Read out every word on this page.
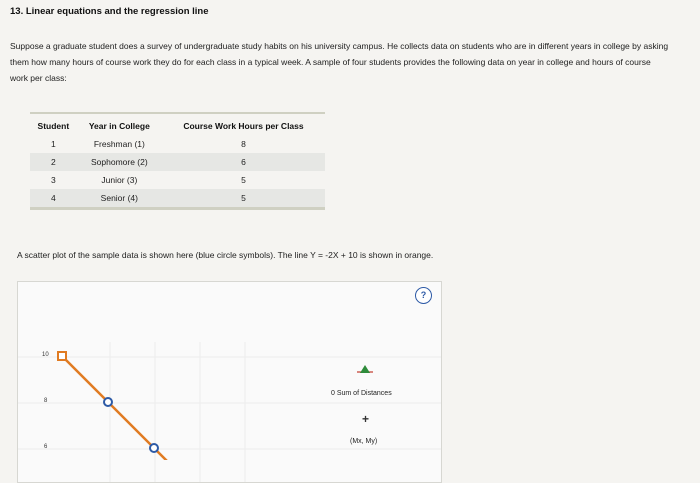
13. Linear equations and the regression line
Suppose a graduate student does a survey of undergraduate study habits on his university campus. He collects data on students who are in different years in college by asking them how many hours of course work they do for each class in a typical week. A sample of four students provides the following data on year in college and hours of course work per class:
Student	Year in College	Course Work Hours per Class
1	Freshman (1)	8
2	Sophomore (2)	6
3	Junior (3)	5
4	Senior (4)	5
A scatter plot of the sample data is shown here (blue circle symbols). The line Y = -2X + 10 is shown in orange.
10
8
6
?
0 Sum of Distances
+
(Mx, My)
